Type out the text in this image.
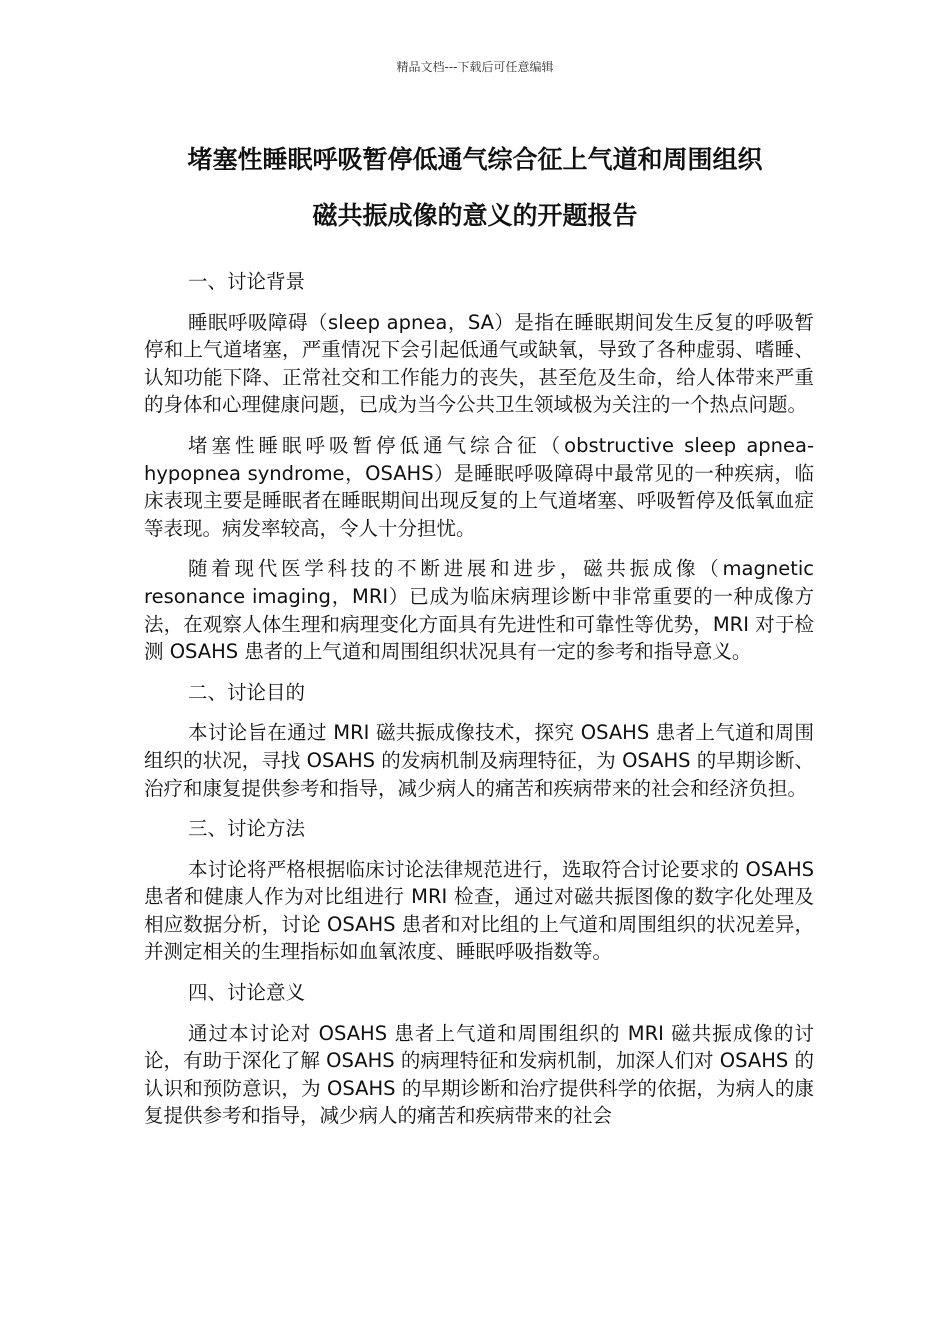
精品文档---下载后可任意编辑
堵塞性睡眠呼吸暂停低通气综合征上气道和周围组织
磁共振成像的意义的开题报告

一、讨论背景

睡眠呼吸障碍（sleep apnea，SA）是指在睡眠期间发生反复的呼吸暂停和上气道堵塞，严重情况下会引起低通气或缺氧，导致了各种虚弱、嗜睡、认知功能下降、正常社交和工作能力的丧失，甚至危及生命，给人体带来严重的身体和心理健康问题，已成为当今公共卫生领域极为关注的一个热点问题。

堵塞性睡眠呼吸暂停低通气综合征（obstructive sleep apnea-hypopnea syndrome，OSAHS）是睡眠呼吸障碍中最常见的一种疾病，临床表现主要是睡眠者在睡眠期间出现反复的上气道堵塞、呼吸暂停及低氧血症等表现。病发率较高，令人十分担忧。

随着现代医学科技的不断进展和进步，磁共振成像（magnetic resonance imaging，MRI）已成为临床病理诊断中非常重要的一种成像方法，在观察人体生理和病理变化方面具有先进性和可靠性等优势，MRI 对于检测 OSAHS 患者的上气道和周围组织状况具有一定的参考和指导意义。

二、讨论目的

本讨论旨在通过 MRI 磁共振成像技术，探究 OSAHS 患者上气道和周围组织的状况，寻找 OSAHS 的发病机制及病理特征，为 OSAHS 的早期诊断、治疗和康复提供参考和指导，减少病人的痛苦和疾病带来的社会和经济负担。

三、讨论方法

本讨论将严格根据临床讨论法律规范进行，选取符合讨论要求的 OSAHS 患者和健康人作为对比组进行 MRI 检查，通过对磁共振图像的数字化处理及相应数据分析，讨论 OSAHS 患者和对比组的上气道和周围组织的状况差异，并测定相关的生理指标如血氧浓度、睡眠呼吸指数等。

四、讨论意义

通过本讨论对 OSAHS 患者上气道和周围组织的 MRI 磁共振成像的讨论，有助于深化了解 OSAHS 的病理特征和发病机制，加深人们对 OSAHS 的认识和预防意识，为 OSAHS 的早期诊断和治疗提供科学的依据，为病人的康复提供参考和指导，减少病人的痛苦和疾病带来的社会
